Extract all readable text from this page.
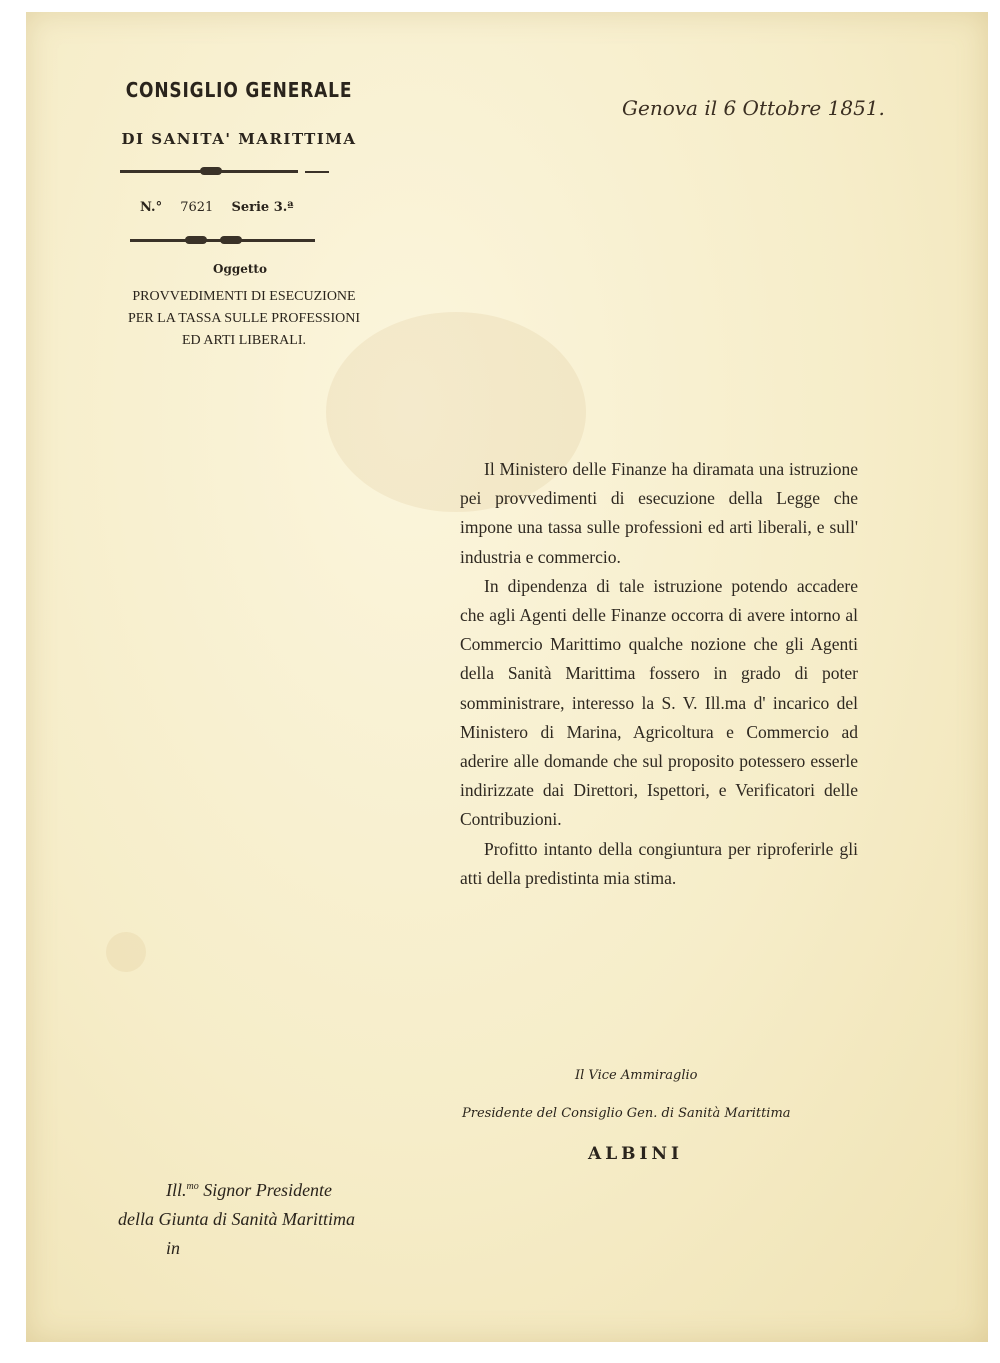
CONSIGLIO GENERALE
DI SANITA' MARITTIMA
N.° 7621 Serie 3.ª
Oggetto
PROVVEDIMENTI DI ESECUZIONE
PER LA TASSA SULLE PROFESSIONI
ED ARTI LIBERALI.
Genova il 6 Ottobre 1851.

Il Ministero delle Finanze ha diramata una istruzione pei provvedimenti di esecuzione della Legge che impone una tassa sulle professioni ed arti liberali, e sull' industria e commercio.

In dipendenza di tale istruzione potendo accadere che agli Agenti delle Finanze occorra di avere intorno al Commercio Marittimo qualche nozione che gli Agenti della Sanità Marittima fossero in grado di poter somministrare, interesso la S. V. Ill.ma d' incarico del Ministero di Marina, Agricoltura e Commercio ad aderire alle domande che sul proposito potessero esserle indirizzate dai Direttori, Ispettori, e Verificatori delle Contribuzioni.

Profitto intanto della congiuntura per riproferirle gli atti della predistinta mia stima.

Il Vice Ammiraglio
Presidente del Consiglio Gen. di Sanità Marittima
ALBINI
Ill.$^{mo}$ Signor Presidente
della Giunta di Sanità Marittima
in
